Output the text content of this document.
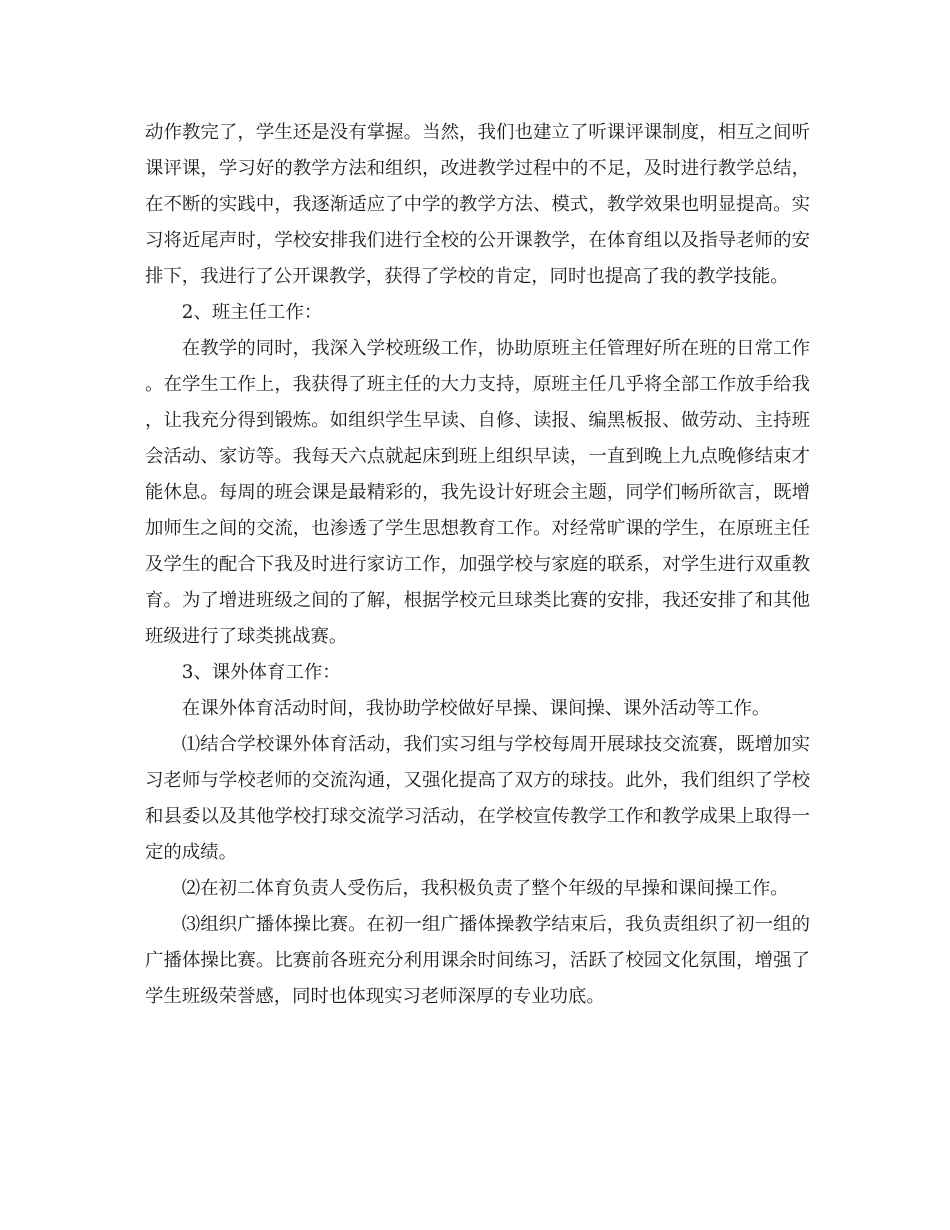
动作教完了，学生还是没有掌握。当然，我们也建立了听课评课制度，相互之间听课评课，学习好的教学方法和组织，改进教学过程中的不足，及时进行教学总结，在不断的实践中，我逐渐适应了中学的教学方法、模式，教学效果也明显提高。实习将近尾声时，学校安排我们进行全校的公开课教学，在体育组以及指导老师的安排下，我进行了公开课教学，获得了学校的肯定，同时也提高了我的教学技能。

2、班主任工作：

在教学的同时，我深入学校班级工作，协助原班主任管理好所在班的日常工作。在学生工作上，我获得了班主任的大力支持，原班主任几乎将全部工作放手给我，让我充分得到锻炼。如组织学生早读、自修、读报、编黑板报、做劳动、主持班会活动、家访等。我每天六点就起床到班上组织早读，一直到晚上九点晚修结束才能休息。每周的班会课是最精彩的，我先设计好班会主题，同学们畅所欲言，既增加师生之间的交流，也渗透了学生思想教育工作。对经常旷课的学生，在原班主任及学生的配合下我及时进行家访工作，加强学校与家庭的联系，对学生进行双重教育。为了增进班级之间的了解，根据学校元旦球类比赛的安排，我还安排了和其他班级进行了球类挑战赛。

3、课外体育工作：

在课外体育活动时间，我协助学校做好早操、课间操、课外活动等工作。

⑴结合学校课外体育活动，我们实习组与学校每周开展球技交流赛，既增加实习老师与学校老师的交流沟通，又强化提高了双方的球技。此外，我们组织了学校和县委以及其他学校打球交流学习活动，在学校宣传教学工作和教学成果上取得一定的成绩。

⑵在初二体育负责人受伤后，我积极负责了整个年级的早操和课间操工作。

⑶组织广播体操比赛。在初一组广播体操教学结束后，我负责组织了初一组的广播体操比赛。比赛前各班充分利用课余时间练习，活跃了校园文化氛围，增强了学生班级荣誉感，同时也体现实习老师深厚的专业功底。
